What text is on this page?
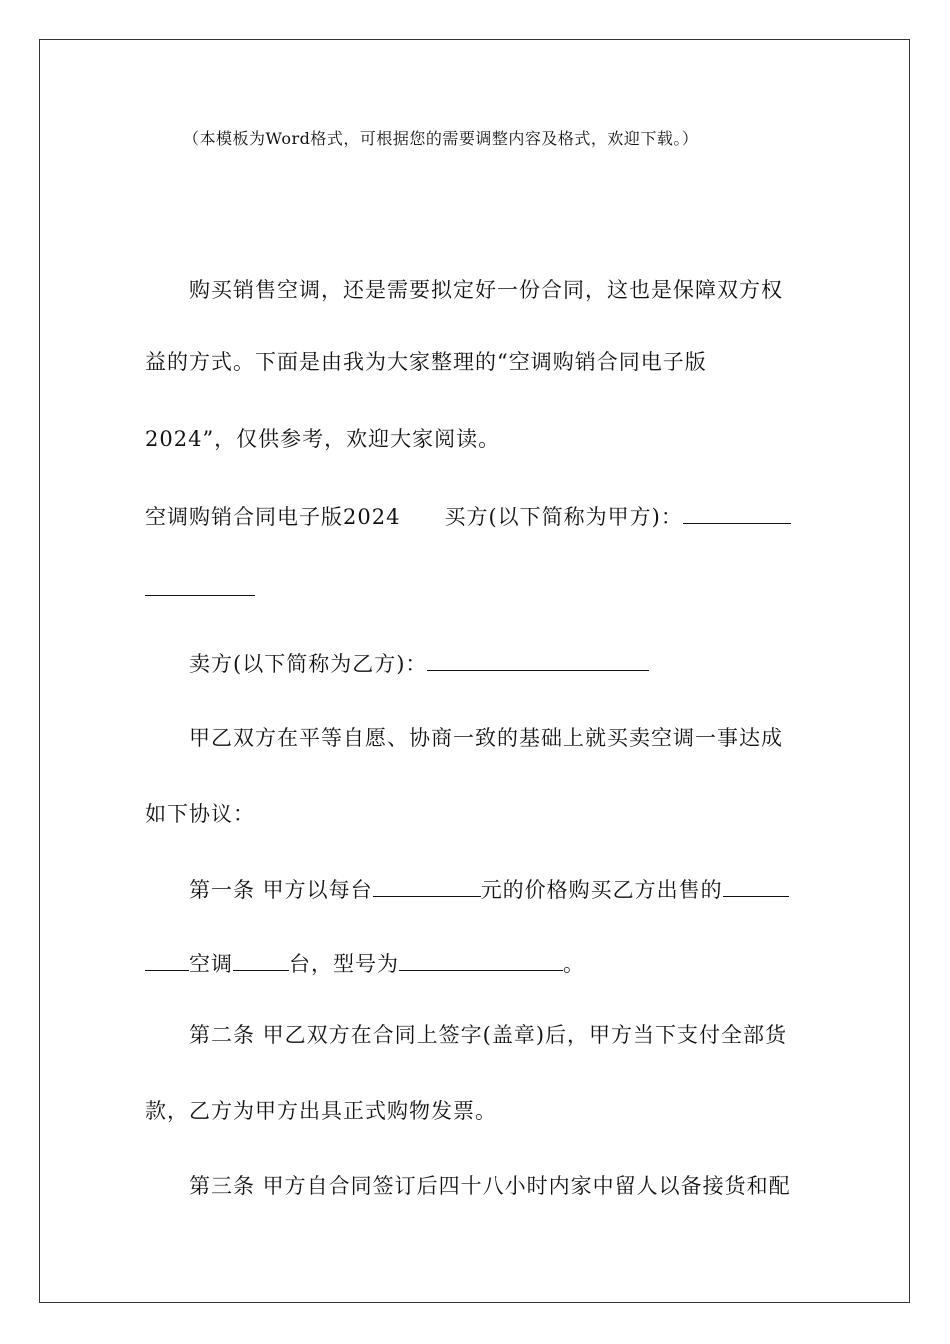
（本模板为Word格式，可根据您的需要调整内容及格式，欢迎下载。）
购买销售空调，还是需要拟定好一份合同，这也是保障双方权
益的方式。下面是由我为大家整理的“空调购销合同电子版
2024”，仅供参考，欢迎大家阅读。
空调购销合同电子版2024 买方(以下简称为甲方)：
卖方(以下简称为乙方)：
甲乙双方在平等自愿、协商一致的基础上就买卖空调一事达成
如下协议：
第一条 甲方以每台	元的价格购买乙方出售的
空调	台，型号为	。
第二条 甲乙双方在合同上签字(盖章)后，甲方当下支付全部货
款，乙方为甲方出具正式购物发票。
第三条 甲方自合同签订后四十八小时内家中留人以备接货和配
